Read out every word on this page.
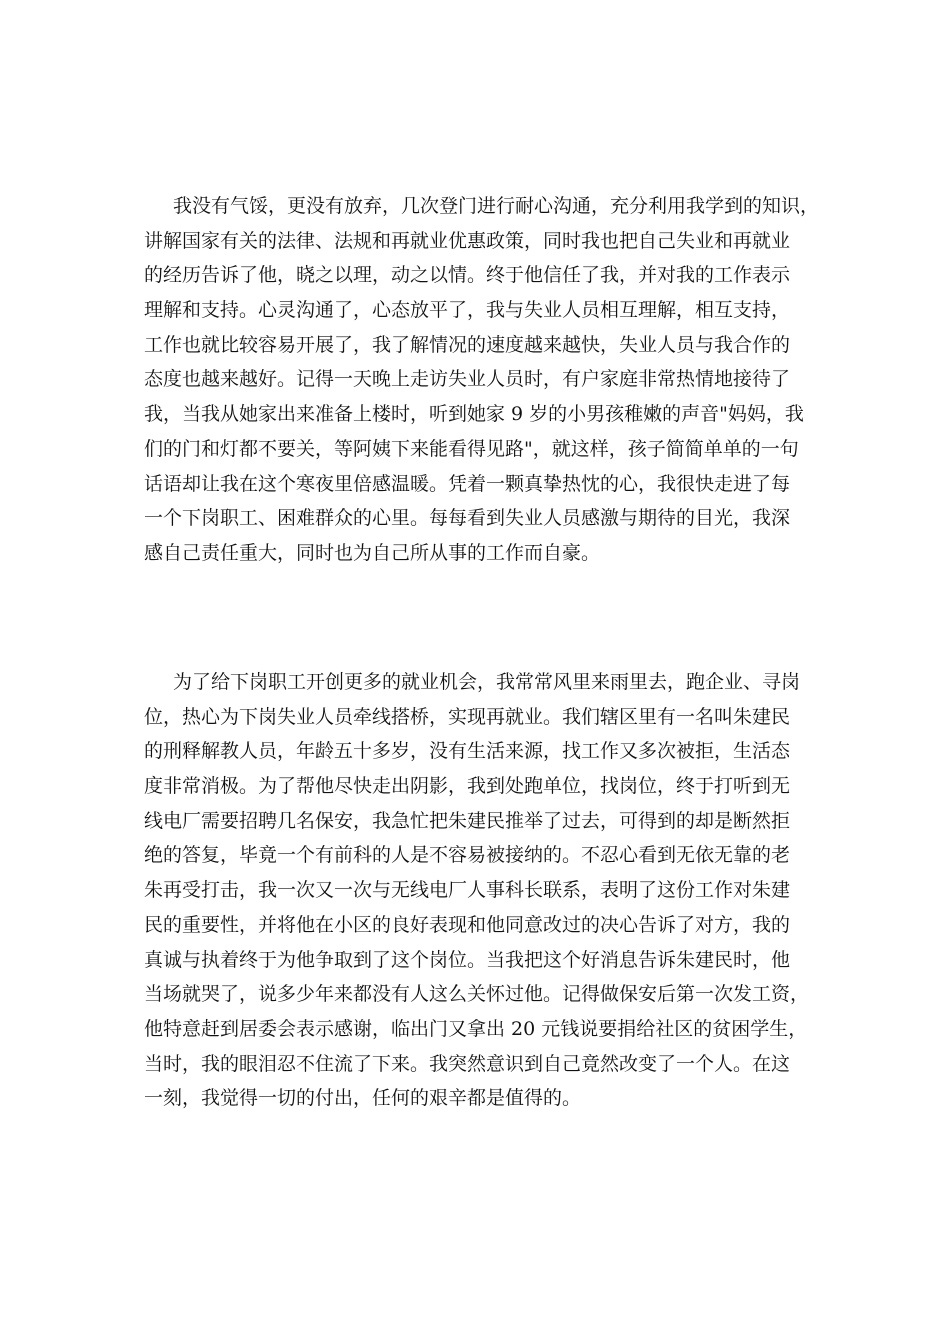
我没有气馁，更没有放弃，几次登门进行耐心沟通，充分利用我学到的知识，
讲解国家有关的法律、法规和再就业优惠政策，同时我也把自己失业和再就业
的经历告诉了他，晓之以理，动之以情。终于他信任了我，并对我的工作表示
理解和支持。心灵沟通了，心态放平了，我与失业人员相互理解，相互支持，
工作也就比较容易开展了，我了解情况的速度越来越快，失业人员与我合作的
态度也越来越好。记得一天晚上走访失业人员时，有户家庭非常热情地接待了
我，当我从她家出来准备上楼时，听到她家 9 岁的小男孩稚嫩的声音"妈妈，我
们的门和灯都不要关，等阿姨下来能看得见路"，就这样，孩子简简单单的一句
话语却让我在这个寒夜里倍感温暖。凭着一颗真挚热忱的心，我很快走进了每
一个下岗职工、困难群众的心里。每每看到失业人员感激与期待的目光，我深
感自己责任重大，同时也为自己所从事的工作而自豪。
为了给下岗职工开创更多的就业机会，我常常风里来雨里去，跑企业、寻岗
位，热心为下岗失业人员牵线搭桥，实现再就业。我们辖区里有一名叫朱建民
的刑释解教人员，年龄五十多岁，没有生活来源，找工作又多次被拒，生活态
度非常消极。为了帮他尽快走出阴影，我到处跑单位，找岗位，终于打听到无
线电厂需要招聘几名保安，我急忙把朱建民推举了过去，可得到的却是断然拒
绝的答复，毕竟一个有前科的人是不容易被接纳的。不忍心看到无依无靠的老
朱再受打击，我一次又一次与无线电厂人事科长联系，表明了这份工作对朱建
民的重要性，并将他在小区的良好表现和他同意改过的决心告诉了对方，我的
真诚与执着终于为他争取到了这个岗位。当我把这个好消息告诉朱建民时，他
当场就哭了，说多少年来都没有人这么关怀过他。记得做保安后第一次发工资，
他特意赶到居委会表示感谢，临出门又拿出 20 元钱说要捐给社区的贫困学生，
当时，我的眼泪忍不住流了下来。我突然意识到自己竟然改变了一个人。在这
一刻，我觉得一切的付出，任何的艰辛都是值得的。
